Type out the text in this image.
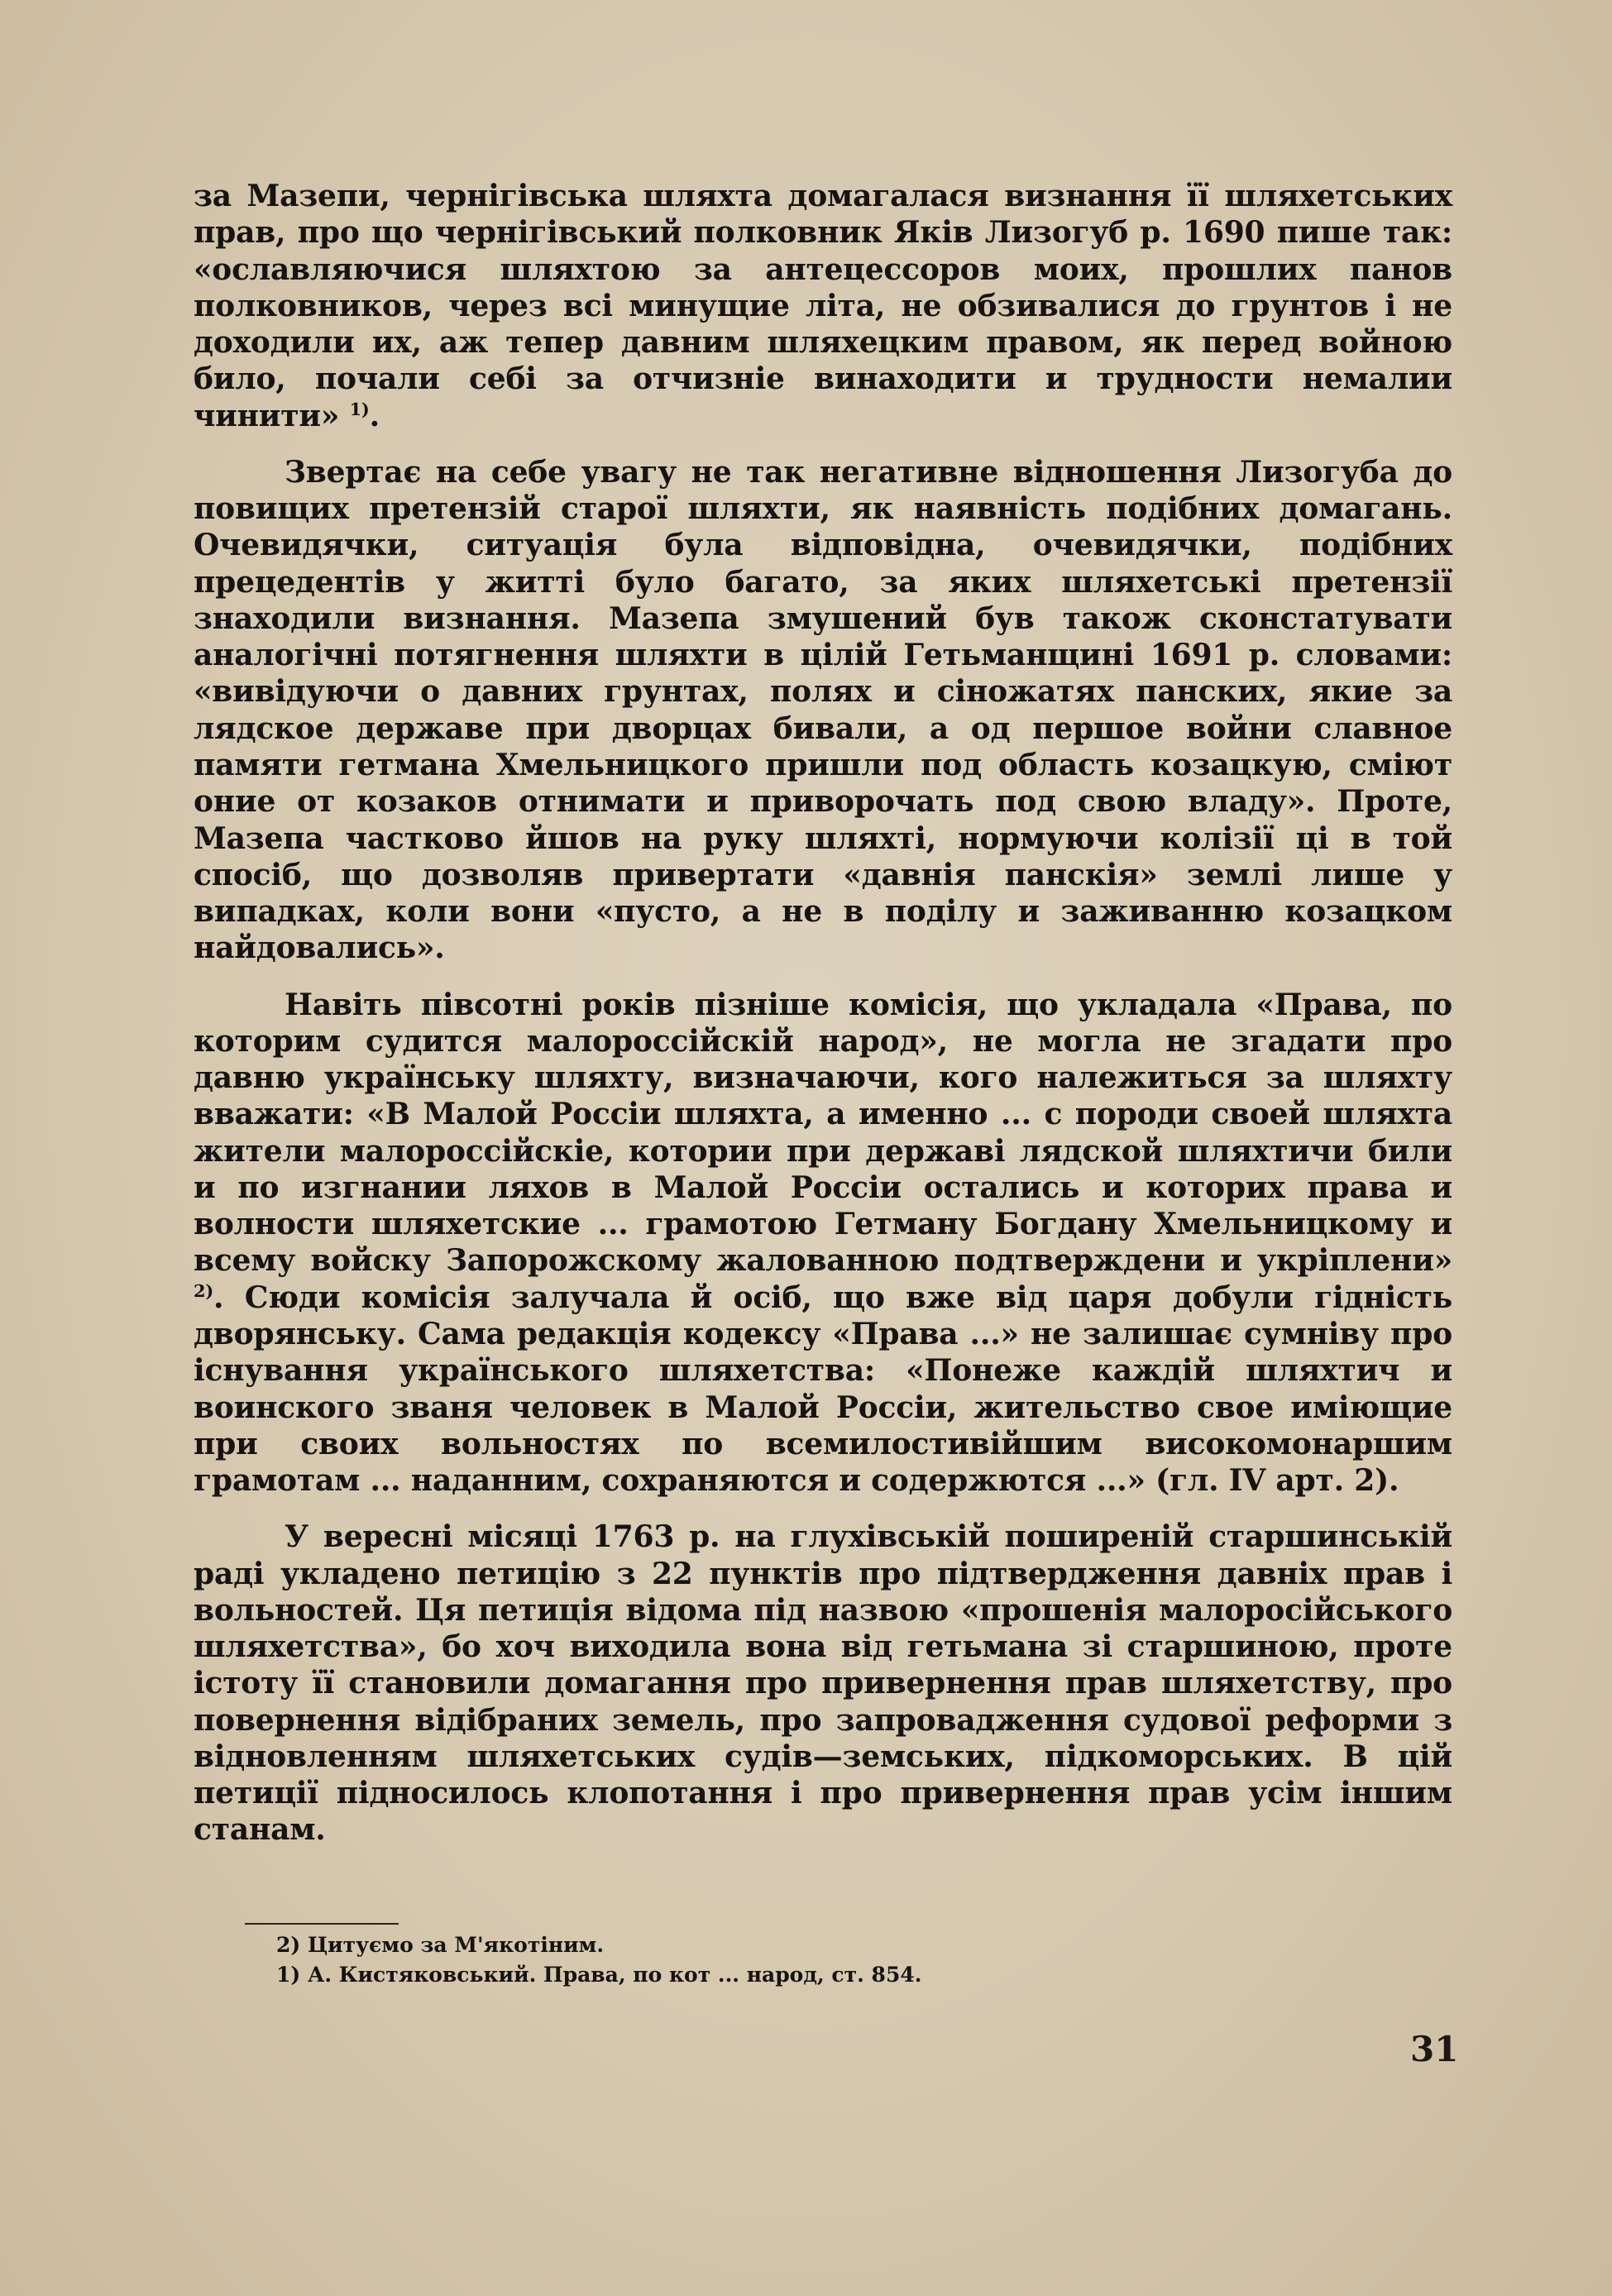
за Мазепи, чернігівська шляхта домагалася визнання її шляхетських прав, про що чернігівський полковник Яків Лизогуб р. 1690 пише так: «ославляючися шляхтою за антецессоров моих, прошлих панов полковников, через всі минущие літа, не обзивалися до грунтов і не доходили их, аж тепер давним шляхецким правом, як перед войною било, почали себі за отчизніе винаходити и трудности немалии чинити» $^{1)}$.

Звертає на себе увагу не так негативне відношення Лизогуба до повищих претензій старої шляхти, як наявність подібних домагань. Очевидячки, ситуація була відповідна, очевидячки, подібних прецедентів у житті було багато, за яких шляхетські претензії знаходили визнання. Мазепа змушений був також сконстатувати аналогічні потягнення шляхти в цілій Гетьманщині 1691 р. словами: «вивідуючи о давних грунтах, полях и сіножатях панских, якие за лядское державе при дворцах бивали, а од першое войни славное памяти гетмана Хмельницкого пришли под область козацкую, сміют оние от козаков отнимати и приворочать под свою владу». Проте, Мазепа частково йшов на руку шляхті, нормуючи колізії ці в той спосіб, що дозволяв привертати «давнія панскія» землі лише у випадках, коли вони «пусто, а не в поділу и заживанню козацком найдовались».

Навіть півсотні років пізніше комісія, що укладала «Права, по которим судится малороссійскій народ», не могла не згадати про давню українську шляхту, визначаючи, кого належиться за шляхту вважати: «В Малой Россіи шляхта, а именно ... с породи своей шляхта жители малороссійскіе, котории при державі лядской шляхтичи били и по изгнании ляхов в Малой Россіи остались и которих права и волности шляхетские ... грамотою Гетману Богдану Хмельницкому и всему войску Запорожскому жалованною подтверждени и укріплени» $^{2)}$. Сюди комісія залучала й осіб, що вже від царя добули гідність дворянську. Сама редакція кодексу «Права ...» не залишає сумніву про існування українського шляхетства: «Понеже каждій шляхтич и воинского званя человек в Малой Россіи, жительство свое иміющие при своих вольностях по всемилостивійшим високомонаршим грамотам ... наданним, сохраняются и содержются ...» (гл. IV арт. 2).

У вересні місяці 1763 р. на глухівській поширеній старшинській раді укладено петицію з 22 пунктів про підтвердження давніх прав і вольностей. Ця петиція відома під назвою «прошенія малоросійського шляхетства», бо хоч виходила вона від гетьмана зі старшиною, проте істоту її становили домагання про привернення прав шляхетству, про повернення відібраних земель, про запровадження судової реформи з відновленням шляхетських судів—земських, підкоморських. В цій петиції підносилось клопотання і про привернення прав усім іншим станам.

2) Цитуємо за М'якотіним.
1) А. Кистяковський. Права, по кот ... народ, ст. 854.
31
